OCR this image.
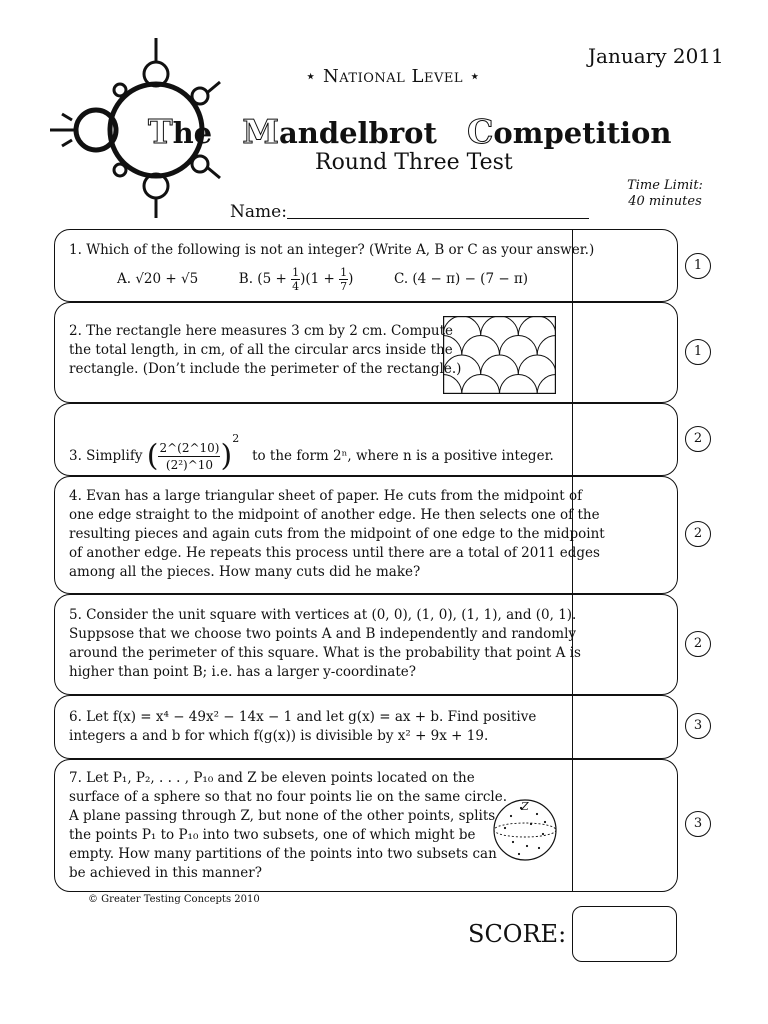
January 2011
⋆ National Level ⋆
The Mandelbrot Competition
Round Three Test
Time Limit:
40 minutes
Name:
1. Which of the following is not an integer? (Write A, B or C as your answer.)
A. √20 + √5	B. $(5 + \frac{1}{4} )(1 + \frac{1}{7}$ )	C. (4 − π) − (7 − π)
1
2. The rectangle here measures 3 cm by 2 cm. Compute
the total length, in cm, of all the circular arcs inside the
rectangle. (Don’t include the perimeter of the rectangle.)
1
3. Simplify ( $\frac{2\^{}(2\^{}10)}{\text{(2²)\textasciicircum{}10}} )^2$   to the form 2ⁿ, where n is a positive integer.
2
4. Evan has a large triangular sheet of paper. He cuts from the midpoint of
one edge straight to the midpoint of another edge. He then selects one of the
resulting pieces and again cuts from the midpoint of one edge to the midpoint
of another edge. He repeats this process until there are a total of 2011 edges
among all the pieces. How many cuts did he make?
2
5. Consider the unit square with vertices at (0, 0), (1, 0), (1, 1), and (0, 1).
Suppsose that we choose two points A and B independently and randomly
around the perimeter of this square. What is the probability that point A is
higher than point B; i.e. has a larger y-coordinate?
2
6. Let f(x) = x⁴ − 49x² − 14x − 1 and let g(x) = ax + b. Find positive
integers a and b for which f(g(x)) is divisible by x² + 9x + 19.
3
7. Let P₁, P₂, . . . , P₁₀ and Z be eleven points located on the
surface of a sphere so that no four points lie on the same circle.
A plane passing through Z, but none of the other points, splits
the points P₁ to P₁₀ into two subsets, one of which might be
empty. How many partitions of the points into two subsets can
be achieved in this manner?
Z
3
© Greater Testing Concepts 2010
SCORE:
